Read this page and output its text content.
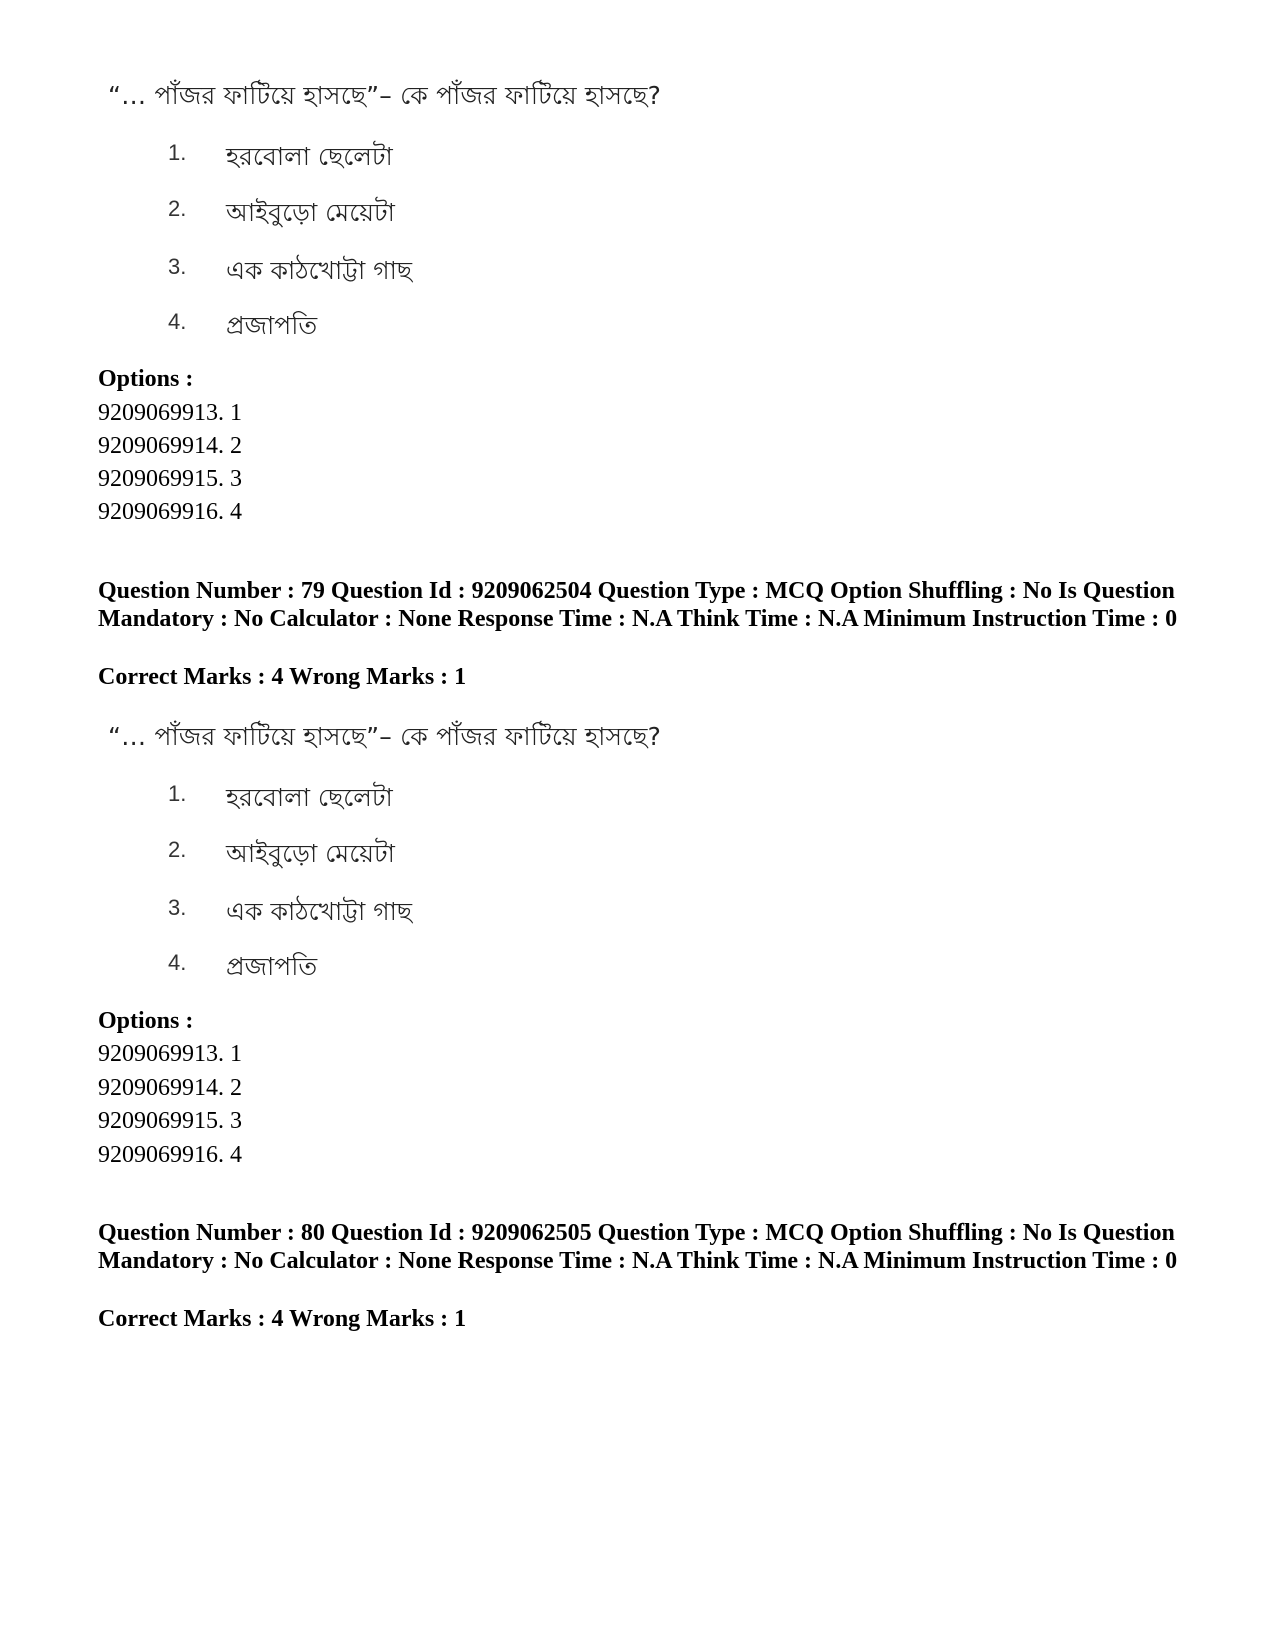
“… পাঁজর ফাটিয়ে হাসছে”– কে পাঁজর ফাটিয়ে হাসছে?
1.	হরবোলা ছেলেটা
2.	আইবুড়ো মেয়েটা
3.	এক কাঠখোট্টা গাছ
4.	প্রজাপতি
Options :
9209069913. 1
9209069914. 2
9209069915. 3
9209069916. 4
Question Number : 79 Question Id : 9209062504 Question Type : MCQ Option Shuffling : No Is Question Mandatory : No Calculator : None Response Time : N.A Think Time : N.A Minimum Instruction Time : 0
Correct Marks : 4 Wrong Marks : 1
“… পাঁজর ফাটিয়ে হাসছে”– কে পাঁজর ফাটিয়ে হাসছে?
1.	হরবোলা ছেলেটা
2.	আইবুড়ো মেয়েটা
3.	এক কাঠখোট্টা গাছ
4.	প্রজাপতি
Options :
9209069913. 1
9209069914. 2
9209069915. 3
9209069916. 4
Question Number : 80 Question Id : 9209062505 Question Type : MCQ Option Shuffling : No Is Question Mandatory : No Calculator : None Response Time : N.A Think Time : N.A Minimum Instruction Time : 0
Correct Marks : 4 Wrong Marks : 1
